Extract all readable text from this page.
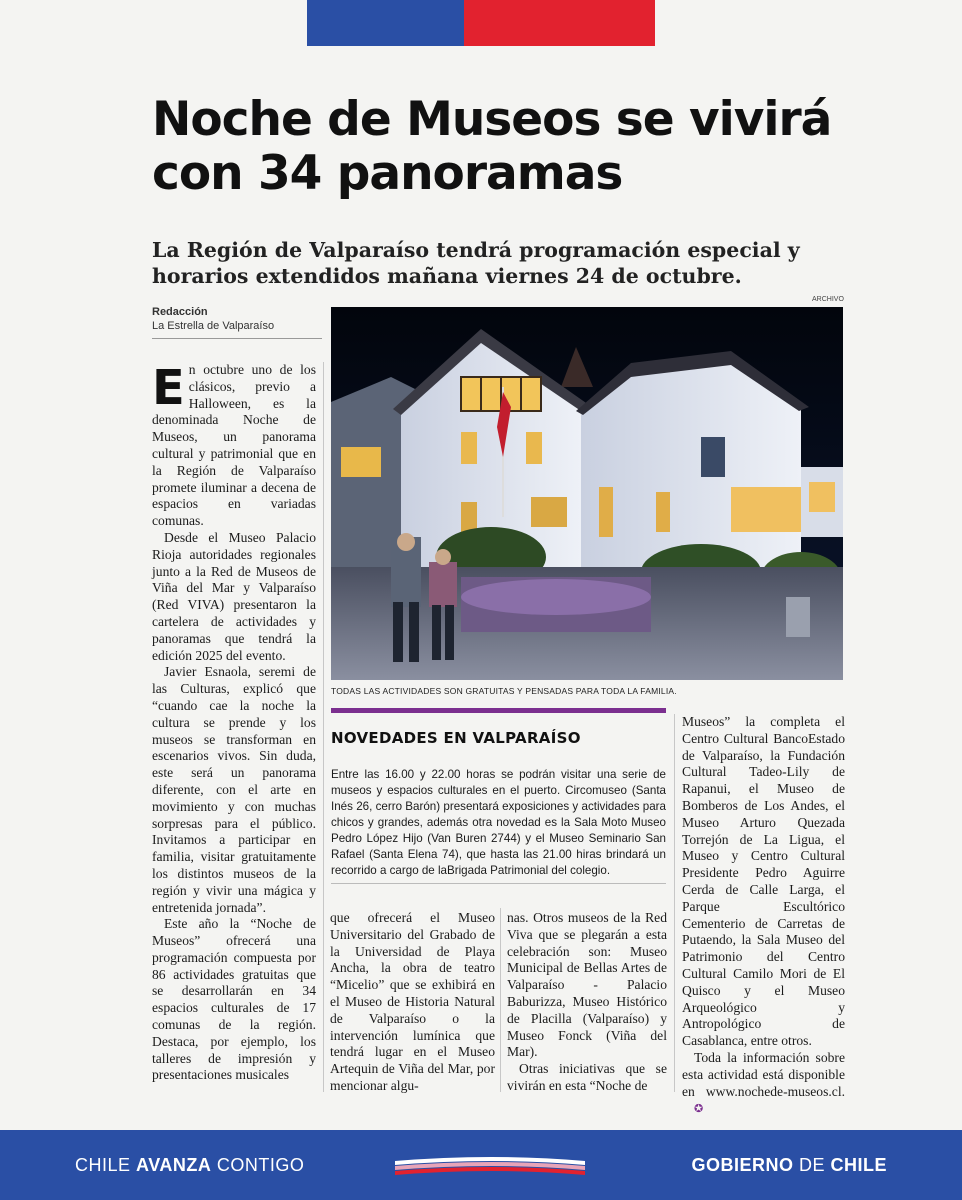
Noche de Museos se vivirá con 34 panoramas
La Región de Valparaíso tendrá programación especial y horarios extendidos mañana viernes 24 de octubre.
Redacción
La Estrella de Valparaíso
ARCHIVO
TODAS LAS ACTIVIDADES SON GRATUITAS Y PENSADAS PARA TODA LA FAMILIA.
E n octubre uno de los clásicos, previo a Halloween, es la denominada Noche de Museos, un panorama cultural y patrimonial que en la Región de Valparaíso promete iluminar a decena de espacios en variadas comunas.

Desde el Museo Palacio Rioja autoridades regionales junto a la Red de Museos de Viña del Mar y Valparaíso (Red VIVA) presentaron la cartelera de actividades y panoramas que tendrá la edición 2025 del evento.

Javier Esnaola, seremi de las Culturas, explicó que “cuando cae la noche la cultura se prende y los museos se transforman en escenarios vivos. Sin duda, este será un panorama diferente, con el arte en movimiento y con muchas sorpresas para el público. Invitamos a participar en familia, visitar gratuitamente los distintos museos de la región y vivir una mágica y entretenida jornada”.

Este año la “Noche de Museos” ofrecerá una programación compuesta por 86 actividades gratuitas que se desarrollarán en 34 espacios culturales de 17 comunas de la región. Destaca, por ejemplo, los talleres de impresión y presentaciones musicales

NOVEDADES EN VALPARAÍSO
Entre las 16.00 y 22.00 horas se podrán visitar una serie de museos y espacios culturales en el puerto. Circomuseo (Santa Inés 26, cerro Barón) presentará exposiciones y actividades para chicos y grandes, además otra novedad es la Sala Moto Museo Pedro López Hijo (Van Buren 2744) y el Museo Seminario San Rafael (Santa Elena 74), que hasta las 21.00 hiras brindará un recorrido a cargo de laBrigada Patrimonial del colegio.

que ofrecerá el Museo Universitario del Grabado de la Universidad de Playa Ancha, la obra de teatro “Micelio” que se exhibirá en el Museo de Historia Natural de Valparaíso o la intervención lumínica que tendrá lugar en el Museo Artequin de Viña del Mar, por mencionar algu-

nas. Otros museos de la Red Viva que se plegarán a esta celebración son: Museo Municipal de Bellas Artes de Valparaíso - Palacio Baburizza, Museo Histórico de Placilla (Valparaíso) y Museo Fonck (Viña del Mar).

Otras iniciativas que se vivirán en esta “Noche de

Museos” la completa el Centro Cultural BancoEstado de Valparaíso, la Fundación Cultural Tadeo-Lily de Rapanui, el Museo de Bomberos de Los Andes, el Museo Arturo Quezada Torrejón de La Ligua, el Museo y Centro Cultural Presidente Pedro Aguirre Cerda de Calle Larga, el Parque Escultórico Cementerio de Carretas de Putaendo, la Sala Museo del Patrimonio del Centro Cultural Camilo Mori de El Quisco y el Museo Arqueológico y Antropológico de Casablanca, entre otros.

Toda la información sobre esta actividad está disponible en www.nochede-museos.cl.✪

CHILE AVANZA CONTIGO	GOBIERNO DE CHILE
